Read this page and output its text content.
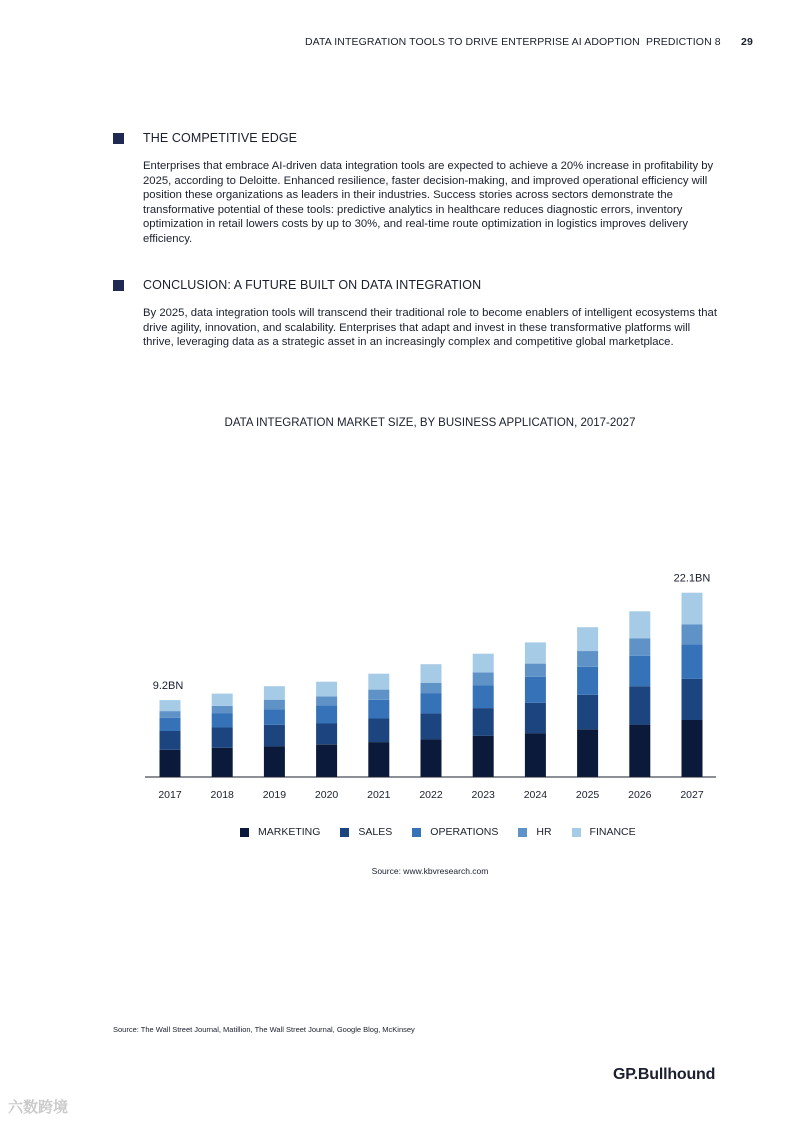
DATA INTEGRATION TOOLS TO DRIVE ENTERPRISE AI ADOPTION PREDICTION 8 29
THE COMPETITIVE EDGE
Enterprises that embrace AI-driven data integration tools are expected to achieve a 20% increase in profitability by 2025, according to Deloitte. Enhanced resilience, faster decision-making, and improved operational efficiency will position these organizations as leaders in their industries. Success stories across sectors demonstrate the transformative potential of these tools: predictive analytics in healthcare reduces diagnostic errors, inventory optimization in retail lowers costs by up to 30%, and real-time route optimization in logistics improves delivery efficiency.
CONCLUSION: A FUTURE BUILT ON DATA INTEGRATION
By 2025, data integration tools will transcend their traditional role to become enablers of intelligent ecosystems that drive agility, innovation, and scalability. Enterprises that adapt and invest in these transformative platforms will thrive, leveraging data as a strategic asset in an increasingly complex and competitive global marketplace.
DATA INTEGRATION MARKET SIZE, BY BUSINESS APPLICATION, 2017-2027
2017	2018	2019	2020	2021	2022	2023	2024	2025	2026	2027
9.2BN
22.1BN
MARKETING	SALES	OPERATIONS	HR	FINANCE
Source: www.kbvresearch.com
Source: The Wall Street Journal, Matillion, The Wall Street Journal, Google Blog, McKinsey
GP.Bullhound
六数跨境
